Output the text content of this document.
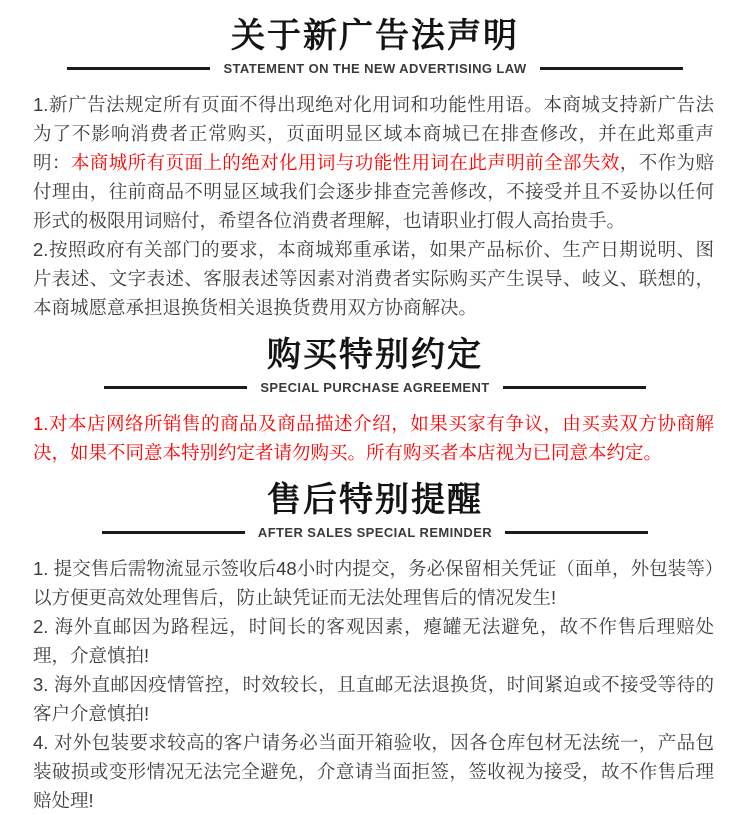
关于新广告法声明
STATEMENT ON THE NEW ADVERTISING LAW

1.新广告法规定所有页面不得出现绝对化用词和功能性用语。本商城支持新广告法为了不影响消费者正常购买，页面明显区域本商城已在排查修改，并在此郑重声明：本商城所有页面上的绝对化用词与功能性用词在此声明前全部失效，不作为赔付理由，往前商品不明显区域我们会逐步排查完善修改，不接受并且不妥协以任何形式的极限用词赔付，希望各位消费者理解，也请职业打假人高抬贵手。

2.按照政府有关部门的要求，本商城郑重承诺，如果产品标价、生产日期说明、图片表述、文字表述、客服表述等因素对消费者实际购买产生误导、岐义、联想的，本商城愿意承担退换货相关退换货费用双方协商解决。

购买特别约定
SPECIAL PURCHASE AGREEMENT

1.对本店网络所销售的商品及商品描述介绍，如果买家有争议，由买卖双方协商解决，如果不同意本特别约定者请勿购买。所有购买者本店视为已同意本约定。

售后特别提醒
AFTER SALES SPECIAL REMINDER

1. 提交售后需物流显示签收后48小时内提交，务必保留相关凭证（面单，外包装等）以方便更高效处理售后，防止缺凭证而无法处理售后的情况发生!

2. 海外直邮因为路程远，时间长的客观因素，瘪罐无法避免，故不作售后理赔处理，介意慎拍!

3. 海外直邮因疫情管控，时效较长，且直邮无法退换货，时间紧迫或不接受等待的客户介意慎拍!

4. 对外包装要求较高的客户请务必当面开箱验收，因各仓库包材无法统一，产品包装破损或变形情况无法完全避免，介意请当面拒签，签收视为接受，故不作售后理赔处理!
